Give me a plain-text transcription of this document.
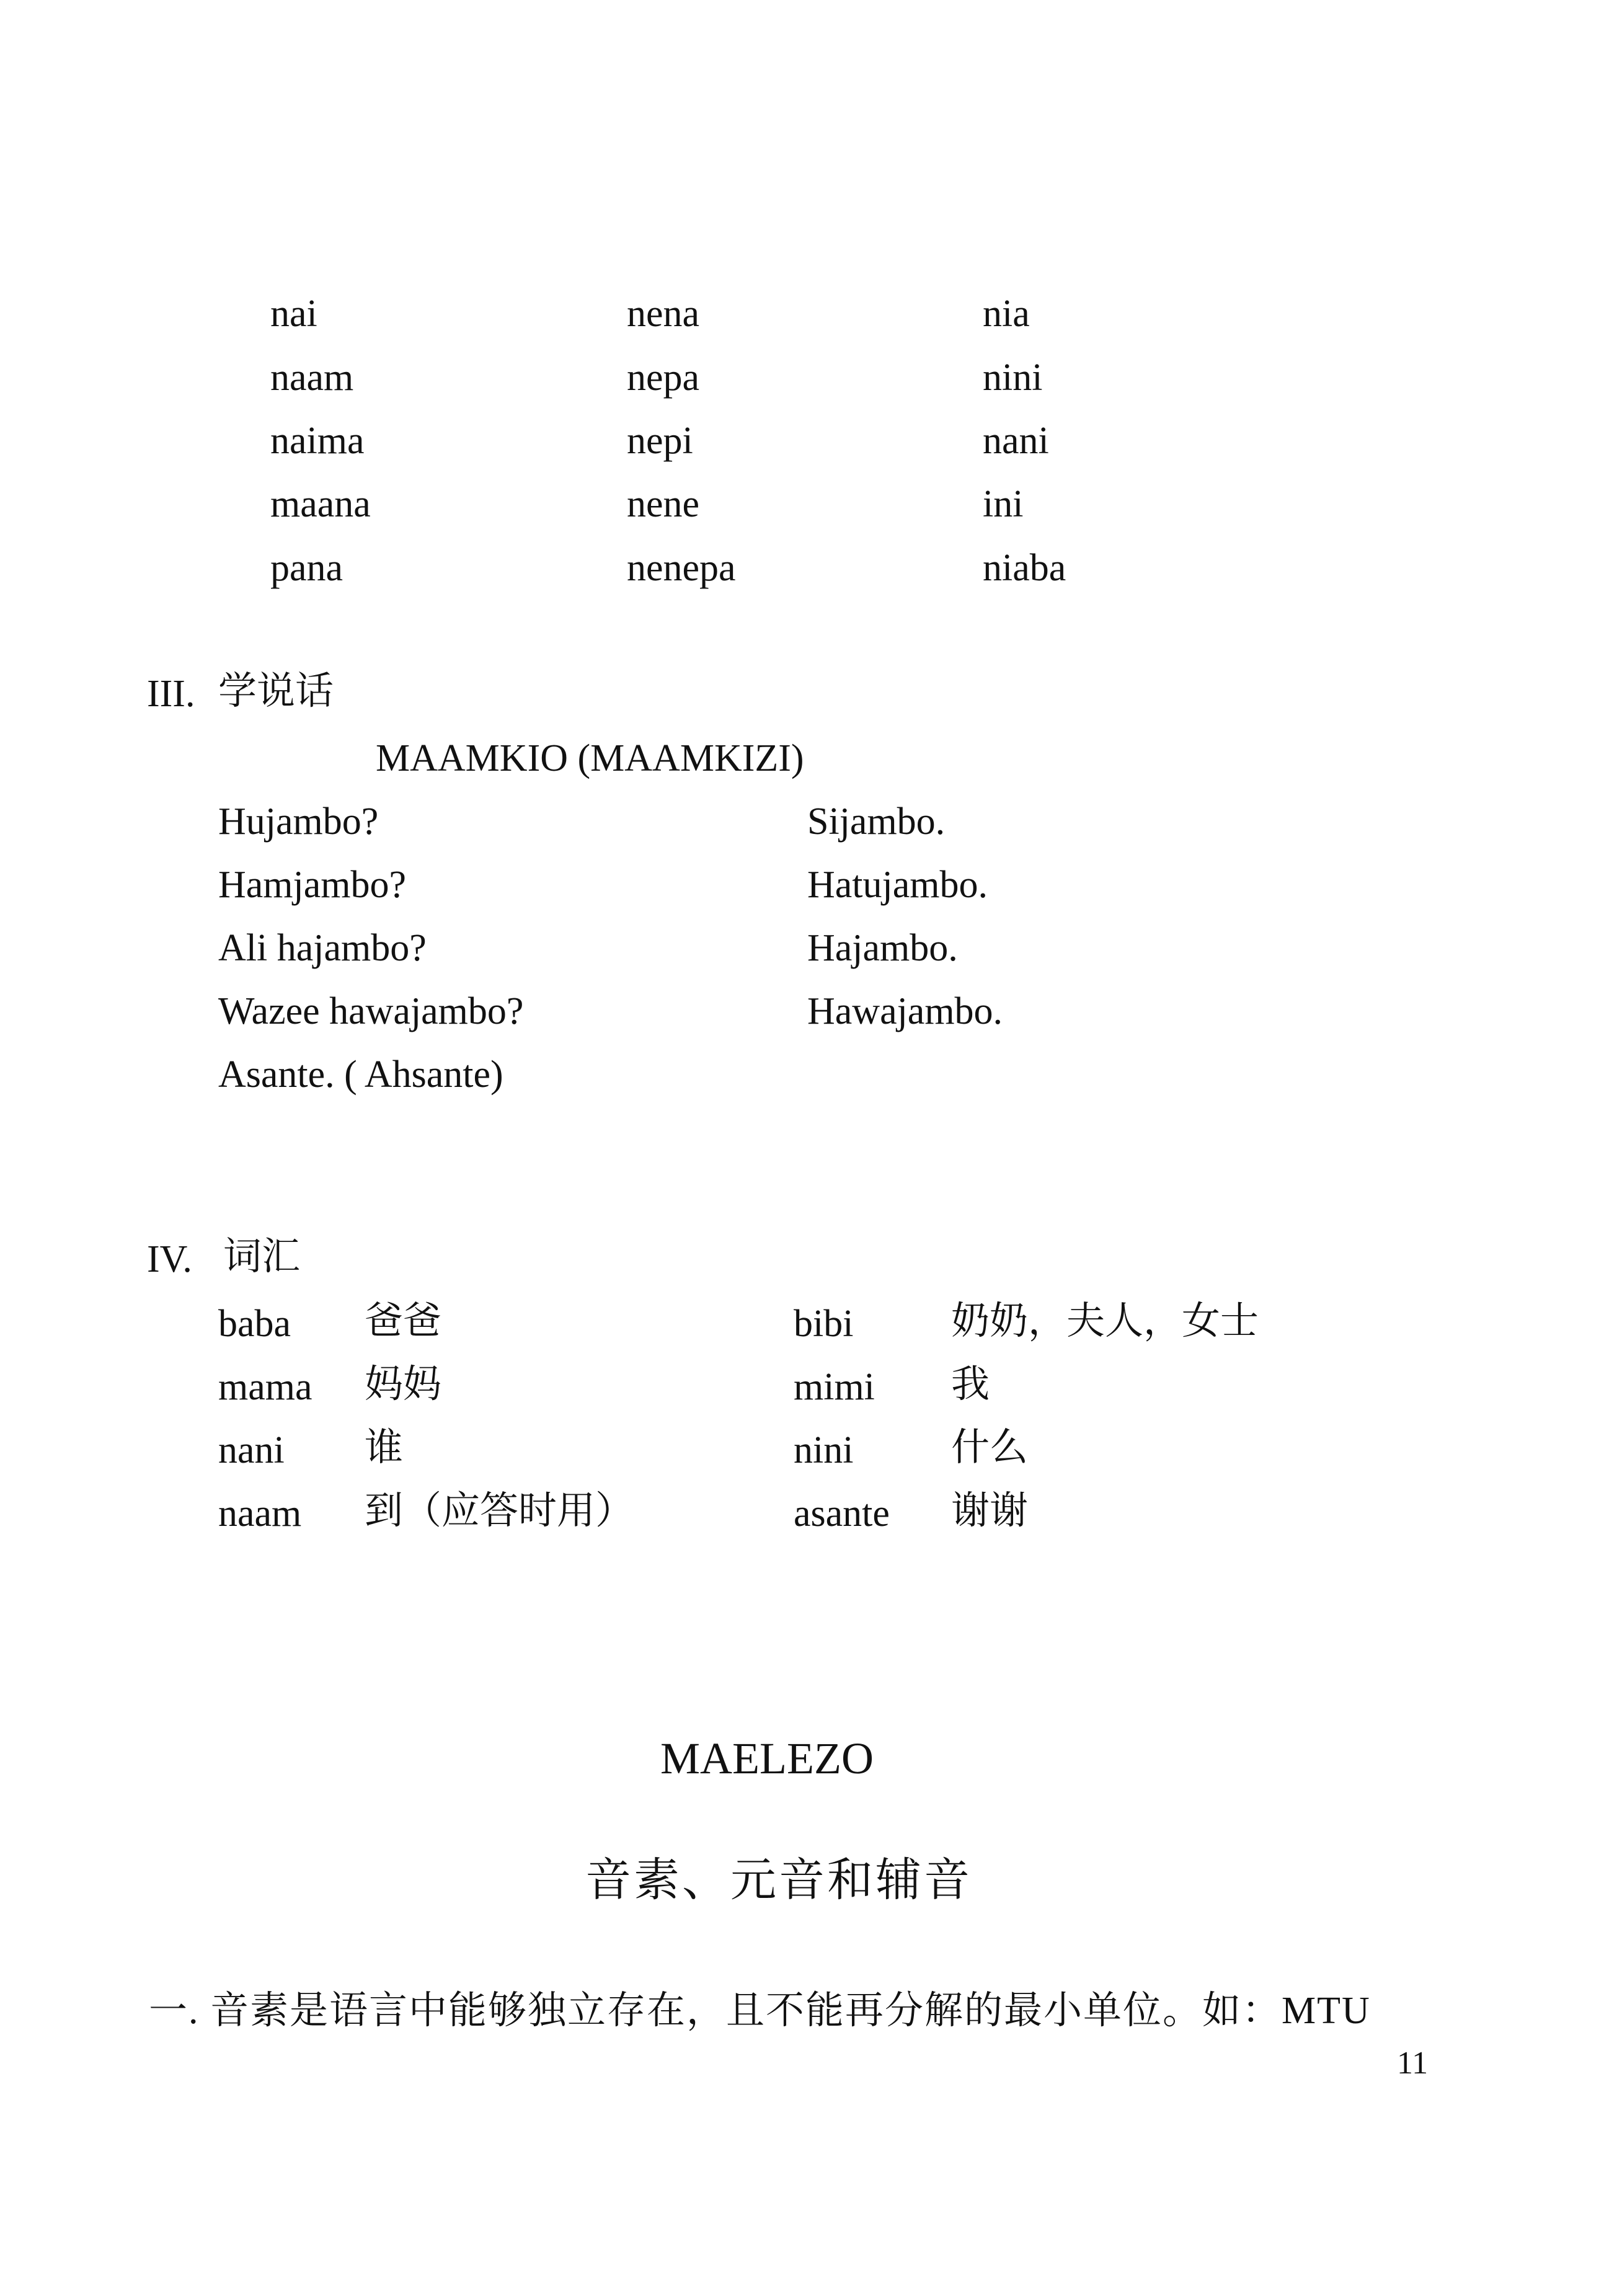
nai
naam
naima
maana
pana
nena
nepa
nepi
nene
nenepa
nia
nini
nani
ini
niaba
III. 学说话
MAAMKIO (MAAMKIZI)
Hujambo?
Hamjambo?
Ali hajambo?
Wazee hawajambo?
Asante. ( Ahsante)
Sijambo.
Hatujambo.
Hajambo.
Hawajambo.
IV. 词汇
baba 爸爸
mama 妈妈
nani 谁
naam 到（应答时用）
bibi	奶奶，夫人，女士
mimi 我
nini	什么
asante 谢谢
MAELEZO
音素、元音和辅音
一. 音素是语言中能够独立存在，且不能再分解的最小单位。如：MTU
11
